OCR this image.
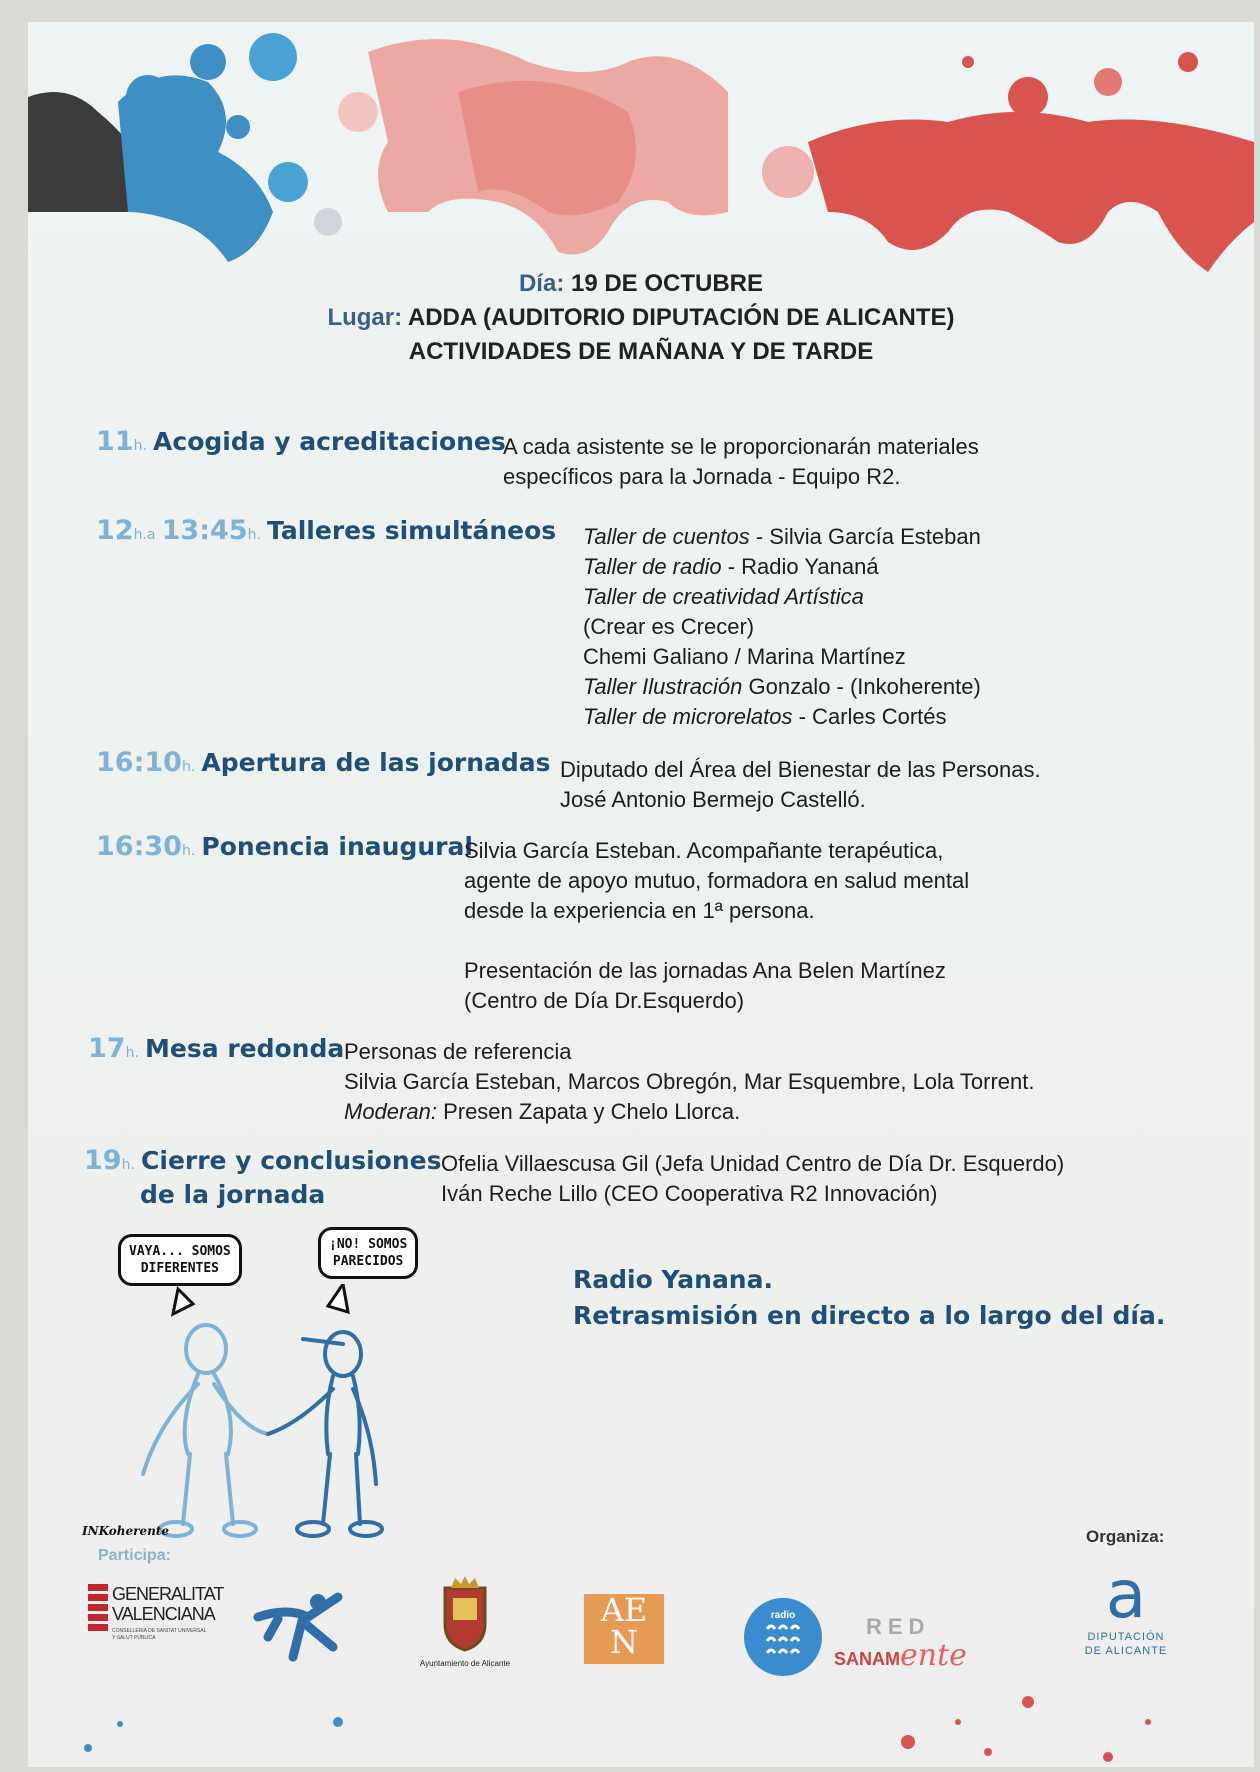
Día: 19 DE OCTUBRE
Lugar: ADDA (AUDITORIO DIPUTACIÓN DE ALICANTE)
ACTIVIDADES DE MAÑANA Y DE TARDE
11h. Acogida y acreditaciones
A cada asistente se le proporcionarán materiales
específicos para la Jornada - Equipo R2.
12h.a 13:45h. Talleres simultáneos Taller de cuentos - Silvia García Esteban
Taller de radio - Radio Yananá
Taller de creatividad Artística
(Crear es Crecer)
Chemi Galiano / Marina Martínez
Taller Ilustración Gonzalo - (Inkoherente)
Taller de microrelatos - Carles Cortés
16:10h. Apertura de las jornadas Diputado del Área del Bienestar de las Personas.
José Antonio Bermejo Castelló.
16:30h. Ponencia inaugural
Silvia García Esteban. Acompañante terapéutica,
agente de apoyo mutuo, formadora en salud mental
desde la experiencia en 1ª persona.
Presentación de las jornadas Ana Belen Martínez
(Centro de Día Dr.Esquerdo)
17h. Mesa redonda Personas de referencia
Silvia García Esteban, Marcos Obregón, Mar Esquembre, Lola Torrent.
Moderan: Presen Zapata y Chelo Llorca.
19h. Cierre y conclusiones
de la jornada
Ofelia Villaescusa Gil (Jefa Unidad Centro de Día Dr. Esquerdo)
Iván Reche Lillo (CEO Cooperativa R2 Innovación)
VAYA... SOMOS
DIFERENTES
¡NO! SOMOS
PARECIDOS
INKoherente
Radio Yanana.
Retrasmisión en directo a lo largo del día.
Participa:
Organiza:
GENERALITAT
VALENCIANA
CONSELLERIA DE SANITAT UNIVERSAL
Y SALUT PÚBLICA
Ayuntamiento de Alicante
AE
N
radio	RED
SANAMente
a
DIPUTACIÓN
DE ALICANTE
